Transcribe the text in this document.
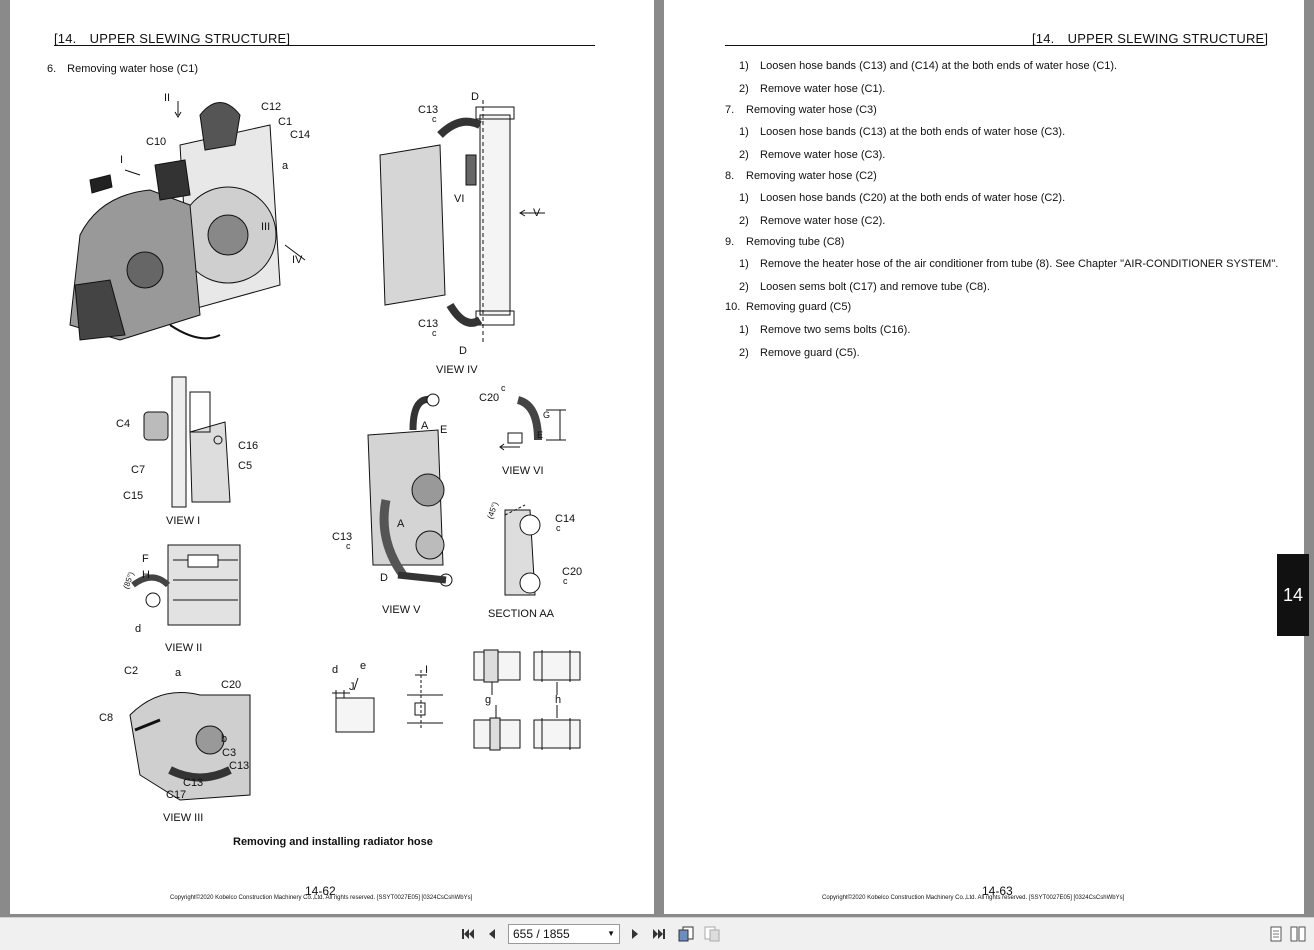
[14.　UPPER SLEWING STRUCTURE]
6.　Removing water hose (C1)
II
C12
C1
C14
C10
a
I
III
IV
C13
c
D
VI
V
C13
c
D
VIEW IV
C4
C16
C7	C5
C15
VIEW I
F
H
(85°)
d
VIEW II
C2	a
C20
C8
b
C3
C13
C13
C17
VIEW III
A E
A
C13
c
D
VIEW V
c
C20
G
E
VIEW VI
(45°)	C14
c
C20
c
SECTION AA
d e
J
I
g	h
Removing and installing radiator hose
14-62
Copyright©2020 Kobelco Construction Machinery Co.,Ltd. All rights reserved. [SSYT0027E05] [0324CsCshWbYs]
[14.　UPPER SLEWING STRUCTURE]
1) Loosen hose bands (C13) and (C14) at the both ends of water hose (C1).
2) Remove water hose (C1).
7. Removing water hose (C3)
1) Loosen hose bands (C13) at the both ends of water hose (C3).
2) Remove water hose (C3).
8. Removing water hose (C2)
1) Loosen hose bands (C20) at the both ends of water hose (C2).
2) Remove water hose (C2).
9. Removing tube (C8)
1) Remove the heater hose of the air conditioner from tube (8). See Chapter "AIR-CONDITIONER SYSTEM".
2) Loosen sems bolt (C17) and remove tube (C8).
10. Removing guard (C5)
1) Remove two sems bolts (C16).
2) Remove guard (C5).
14-63
Copyright©2020 Kobelco Construction Machinery Co.,Ltd. All rights reserved. [SSYT0027E05] [0324CsCshWbYs]
14
655 / 1855	▼
